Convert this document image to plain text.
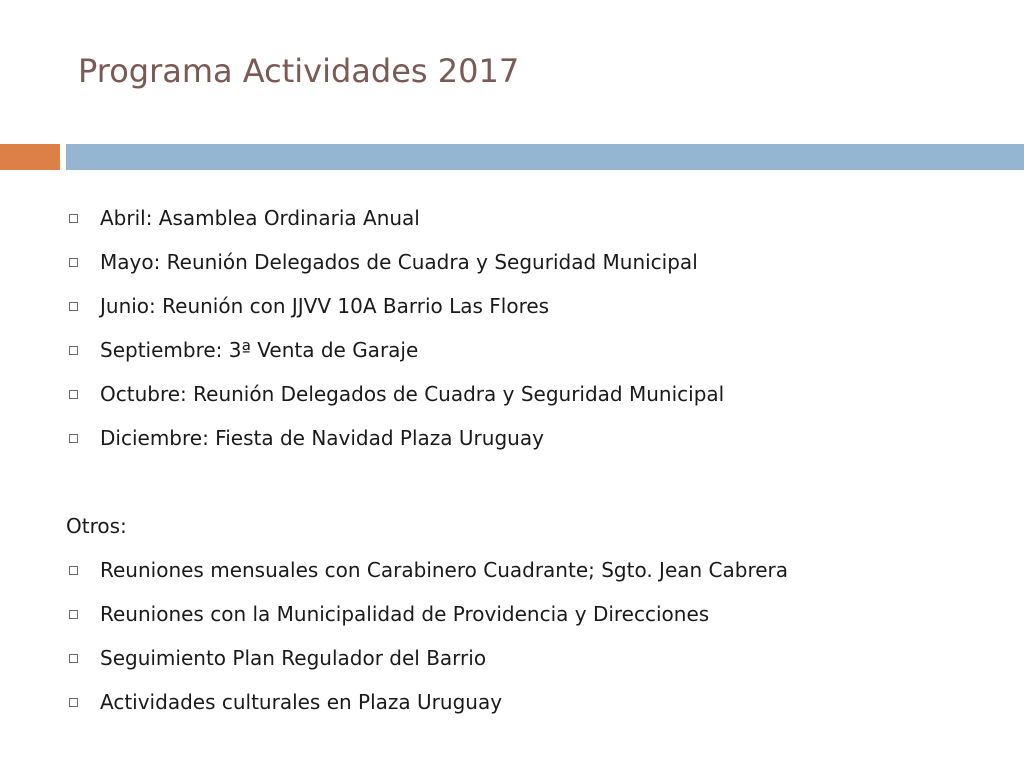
Programa Actividades 2017
Abril: Asamblea Ordinaria Anual
Mayo: Reunión Delegados de Cuadra y Seguridad Municipal
Junio: Reunión con JJVV 10A Barrio Las Flores
Septiembre: 3ª Venta de Garaje
Octubre: Reunión Delegados de Cuadra y Seguridad Municipal
Diciembre: Fiesta de Navidad Plaza Uruguay
Otros:
Reuniones mensuales con Carabinero Cuadrante; Sgto. Jean Cabrera
Reuniones con la Municipalidad de Providencia y Direcciones
Seguimiento Plan Regulador del Barrio
Actividades culturales en Plaza Uruguay
